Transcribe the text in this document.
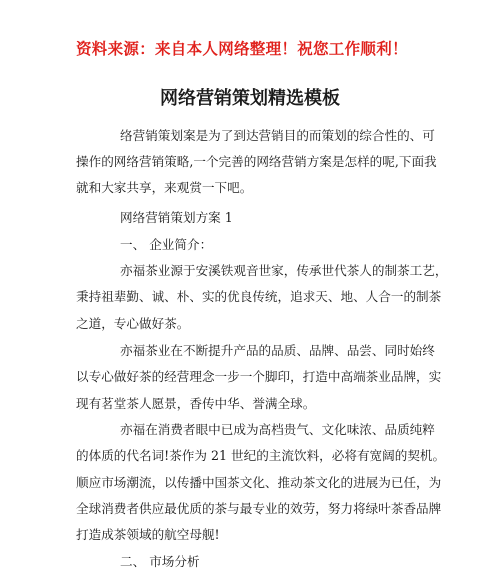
资料来源：来自本人网络整理！祝您工作顺利！
网络营销策划精选模板
络营销策划案是为了到达营销目的而策划的综合性的、可
操作的网络营销策略,一个完善的网络营销方案是怎样的呢,下面我
就和大家共享，来观赏一下吧。
网络营销策划方案 1
一、 企业简介：
亦福茶业源于安溪铁观音世家，传承世代茶人的制茶工艺，
秉持祖辈勤、诚、朴、实的优良传统，追求天、地、人合一的制茶
之道，专心做好茶。
亦福茶业在不断提升产品的品质、品牌、品尝、同时始终
以专心做好茶的经营理念一步一个脚印，打造中高端茶业品牌，实
现有茗堂茶人愿景，香传中华、誉满全球。
亦福在消费者眼中已成为高档贵气、文化味浓、品质纯粹
的体质的代名词!茶作为 21 世纪的主流饮料，必将有宽阔的契机。
顺应市场潮流，以传播中国茶文化、推动茶文化的进展为已任，为
全球消费者供应最优质的茶与最专业的效劳，努力将绿叶茶香品牌
打造成茶领域的航空母舰!
二、 市场分析
